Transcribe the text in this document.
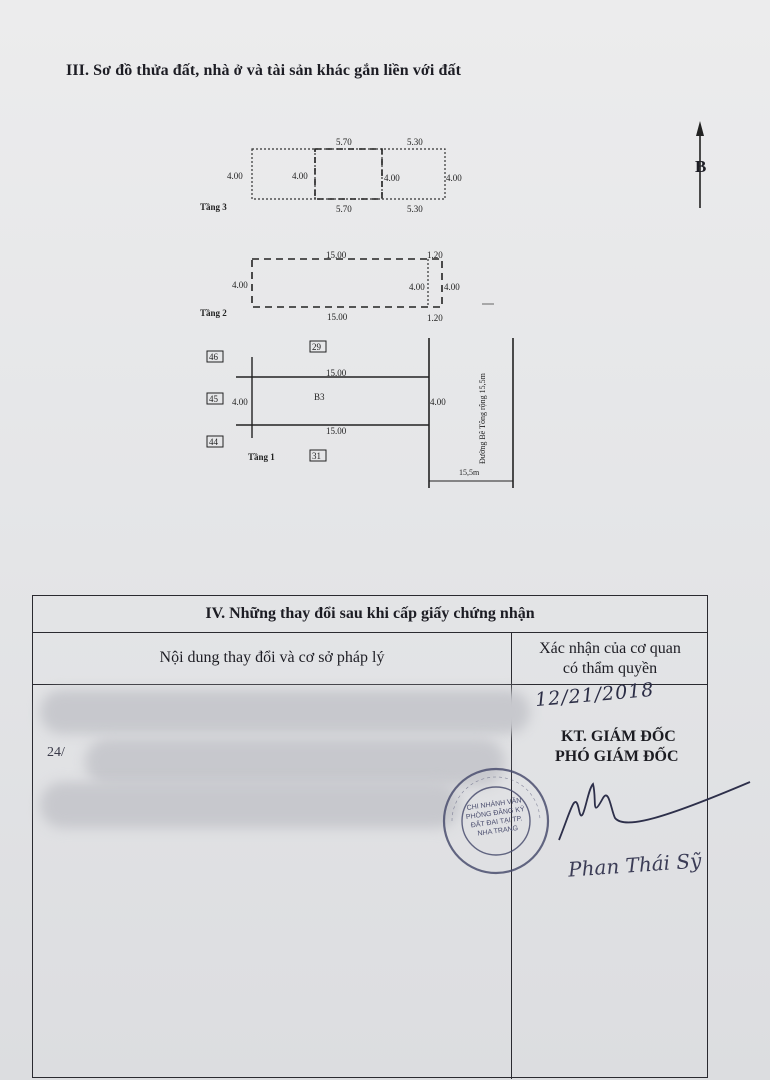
III. Sơ đồ thửa đất, nhà ở và tài sản khác gắn liền với đất
5.70	5.30
5.70	5.30
4.00	4.00	4.00	4.00
Tầng 3
15.00	1.20
15.00	1.20
4.00	4.00 4.00
Tầng 2
15.00
15.00
4.00	4.00
B3
Tầng 1
15,5m
Đường Bê Tông rộng 15,5m
46
45
44
29
31
B
IV. Những thay đổi sau khi cấp giấy chứng nhận
Nội dung thay đổi và cơ sở pháp lý
Xác nhận của cơ quan
có thẩm quyền
24/
12/21/2018
KT. GIÁM ĐỐC
PHÓ GIÁM ĐỐC
CHI NHÁNH VĂN PHÒNG ĐĂNG KÝ ĐẤT ĐAI TẠI TP. NHA TRANG
Phan Thái Sỹ
